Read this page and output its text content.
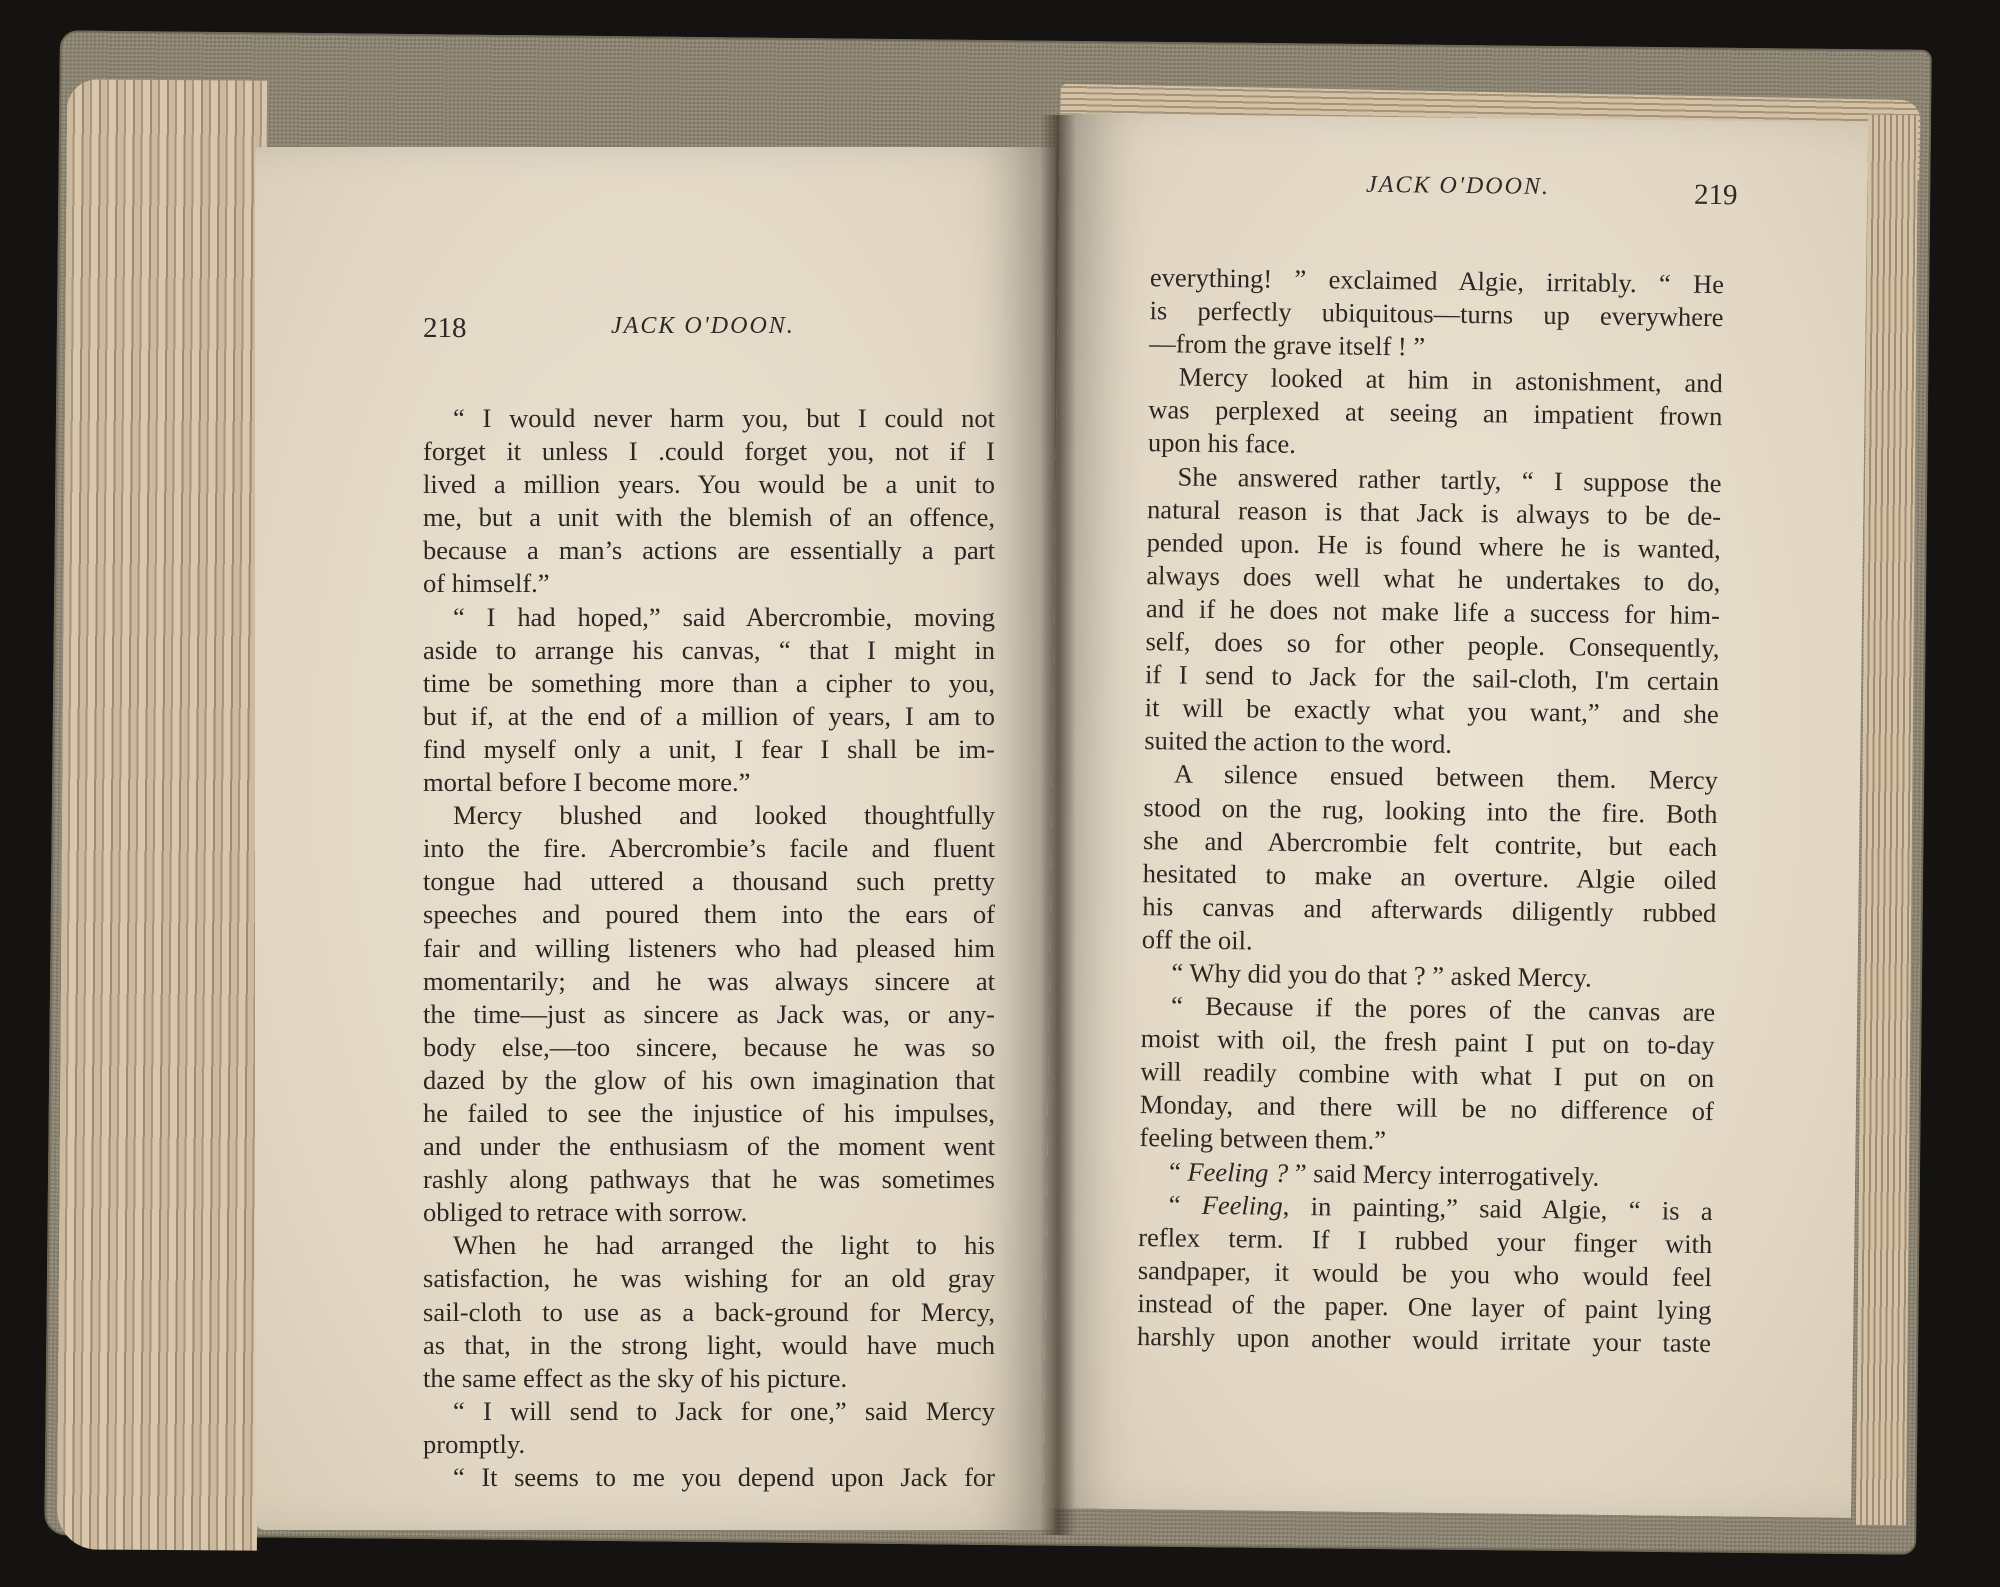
218	JACK O'DOON.
“ I would never harm you, but I could not
forget it unless I .could forget you, not if I
lived a million years. You would be a unit to
me, but a unit with the blemish of an offence,
because a man’s actions are essentially a part
of himself.”
“ I had hoped,” said Abercrombie, moving
aside to arrange his canvas, “ that I might in
time be something more than a cipher to you,
but if, at the end of a million of years, I am to
find myself only a unit, I fear I shall be im-
mortal before I become more.”
Mercy blushed and looked thoughtfully
into the fire. Abercrombie’s facile and fluent
tongue had uttered a thousand such pretty
speeches and poured them into the ears of
fair and willing listeners who had pleased him
momentarily; and he was always sincere at
the time—just as sincere as Jack was, or any-
body else,—too sincere, because he was so
dazed by the glow of his own imagination that
he failed to see the injustice of his impulses,
and under the enthusiasm of the moment went
rashly along pathways that he was sometimes
obliged to retrace with sorrow.
When he had arranged the light to his
satisfaction, he was wishing for an old gray
sail-cloth to use as a back-ground for Mercy,
as that, in the strong light, would have much
the same effect as the sky of his picture.
“ I will send to Jack for one,” said Mercy
promptly.
“ It seems to me you depend upon Jack for
JACK O'DOON.	219
everything! ” exclaimed Algie, irritably. “ He
is perfectly ubiquitous—turns up everywhere
—from the grave itself ! ”
Mercy looked at him in astonishment, and
was perplexed at seeing an impatient frown
upon his face.
She answered rather tartly, “ I suppose the
natural reason is that Jack is always to be de-
pended upon. He is found where he is wanted,
always does well what he undertakes to do,
and if he does not make life a success for him-
self, does so for other people. Consequently,
if I send to Jack for the sail-cloth, I'm certain
it will be exactly what you want,” and she
suited the action to the word.
A silence ensued between them. Mercy
stood on the rug, looking into the fire. Both
she and Abercrombie felt contrite, but each
hesitated to make an overture. Algie oiled
his canvas and afterwards diligently rubbed
off the oil.
“ Why did you do that ? ” asked Mercy.
“ Because if the pores of the canvas are
moist with oil, the fresh paint I put on to-day
will readily combine with what I put on on
Monday, and there will be no difference of
feeling between them.”
“ Feeling ? ” said Mercy interrogatively.
“ Feeling, in painting,” said Algie, “ is a
reflex term. If I rubbed your finger with
sandpaper, it would be you who would feel
instead of the paper. One layer of paint lying
harshly upon another would irritate your taste
